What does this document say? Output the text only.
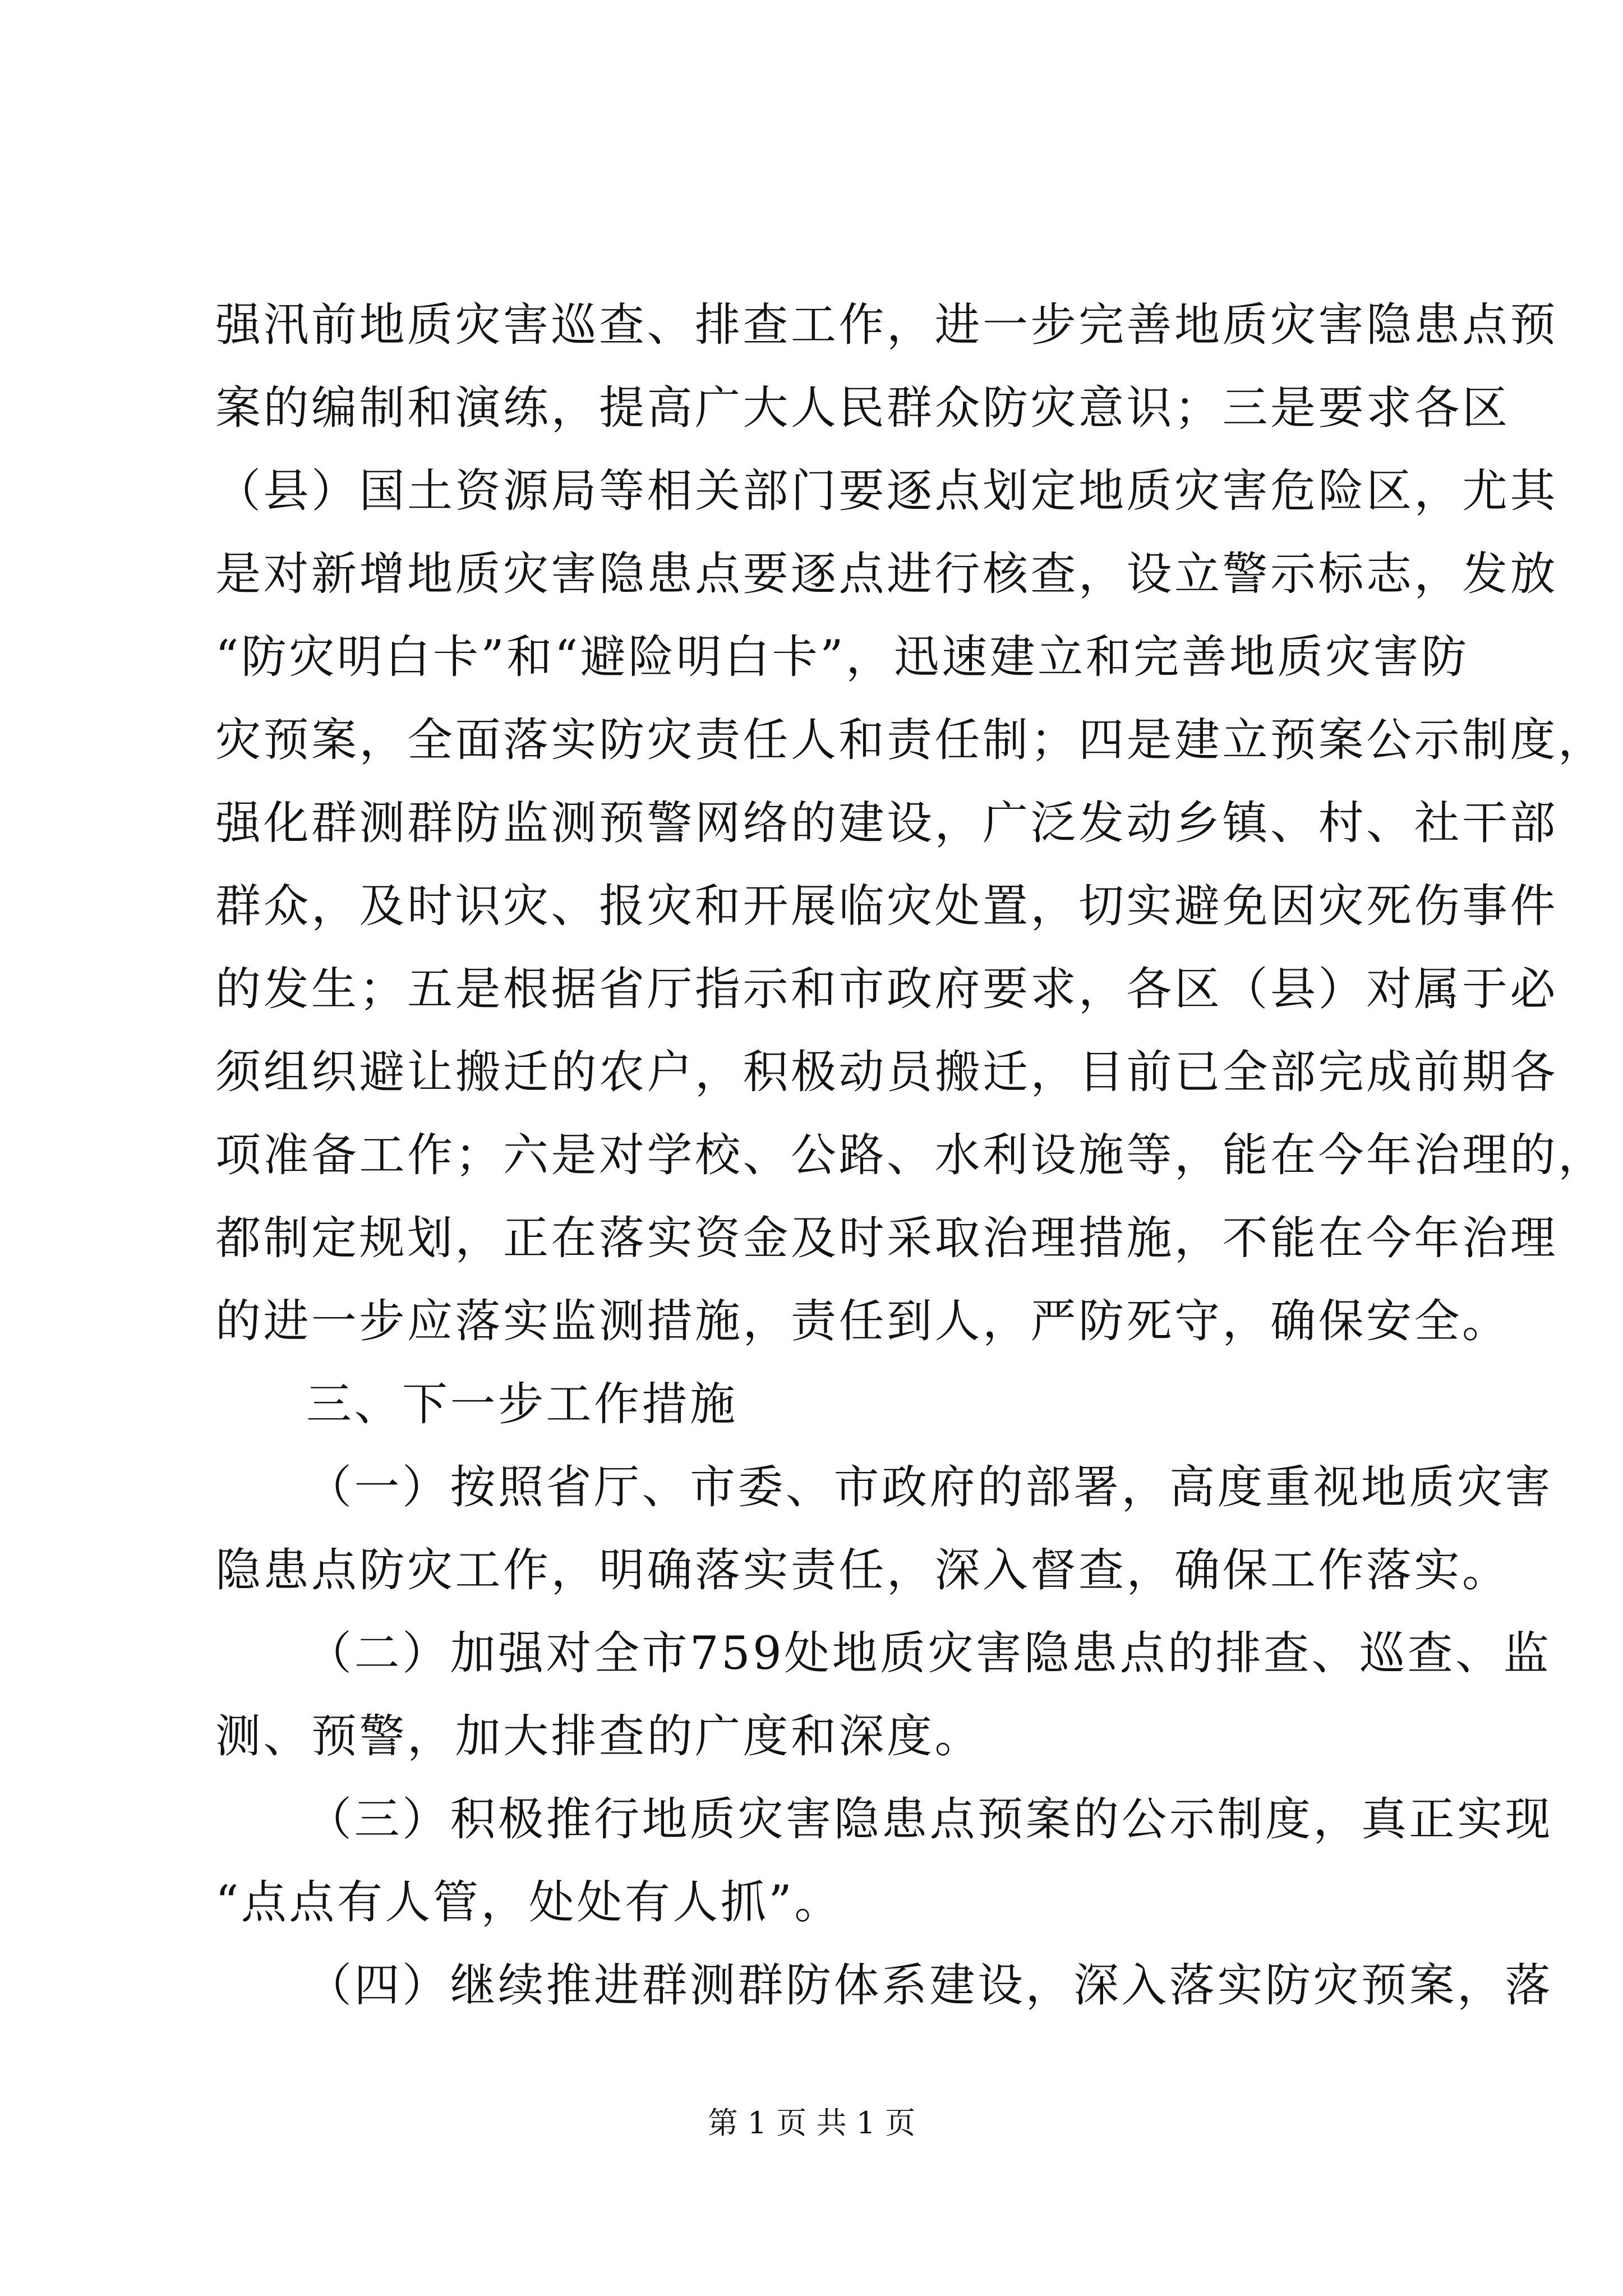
强汛前地质灾害巡查、排查工作，进一步完善地质灾害隐患点预
案的编制和演练，提高广大人民群众防灾意识；三是要求各区
（县）国土资源局等相关部门要逐点划定地质灾害危险区，尤其
是对新增地质灾害隐患点要逐点进行核查，设立警示标志，发放
“防灾明白卡”和“避险明白卡”，迅速建立和完善地质灾害防
灾预案，全面落实防灾责任人和责任制；四是建立预案公示制度，
强化群测群防监测预警网络的建设，广泛发动乡镇、村、社干部
群众，及时识灾、报灾和开展临灾处置，切实避免因灾死伤事件
的发生；五是根据省厅指示和市政府要求，各区（县）对属于必
须组织避让搬迁的农户，积极动员搬迁，目前已全部完成前期各
项准备工作；六是对学校、公路、水利设施等，能在今年治理的，
都制定规划，正在落实资金及时采取治理措施，不能在今年治理
的进一步应落实监测措施，责任到人，严防死守，确保安全。
三、下一步工作措施
（一）按照省厅、市委、市政府的部署，高度重视地质灾害
隐患点防灾工作，明确落实责任，深入督查，确保工作落实。
（二）加强对全市759处地质灾害隐患点的排查、巡查、监
测、预警，加大排查的广度和深度。
（三）积极推行地质灾害隐患点预案的公示制度，真正实现
“点点有人管，处处有人抓”。
（四）继续推进群测群防体系建设，深入落实防灾预案，落
第 1 页 共 1 页
